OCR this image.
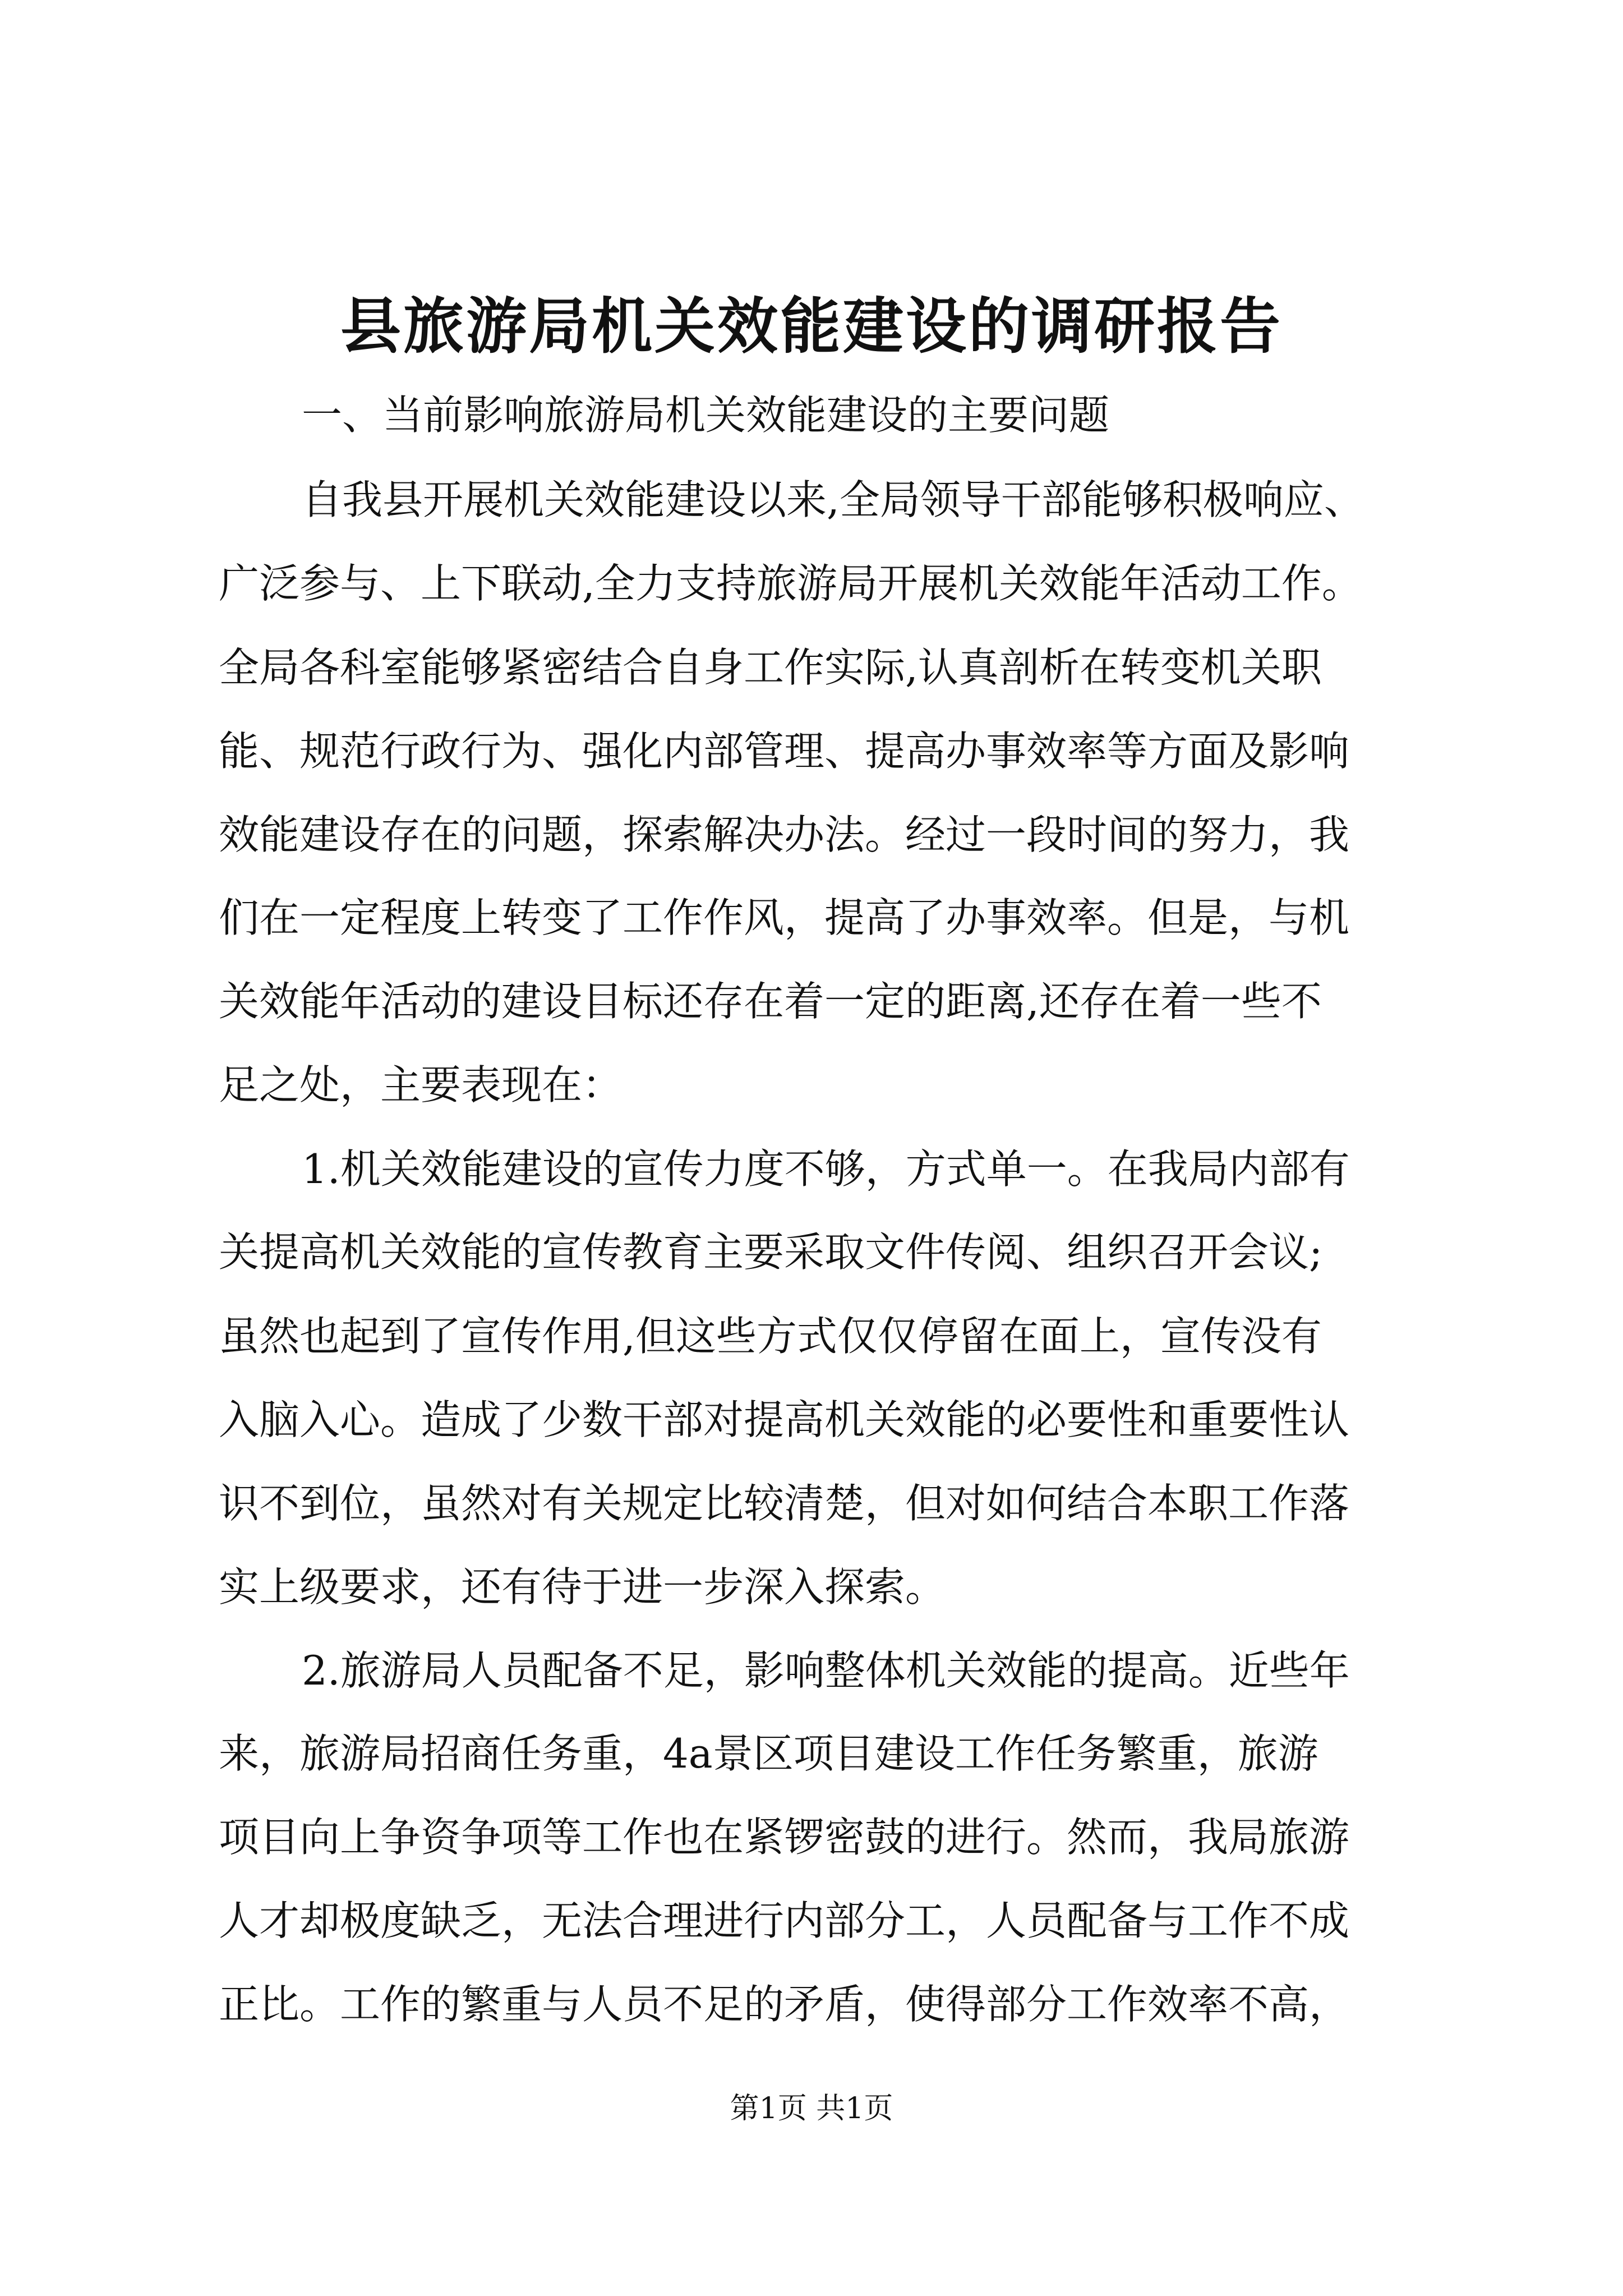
县旅游局机关效能建设的调研报告
一、当前影响旅游局机关效能建设的主要问题
自我县开展机关效能建设以来,全局领导干部能够积极响应、
广泛参与、上下联动,全力支持旅游局开展机关效能年活动工作。
全局各科室能够紧密结合自身工作实际,认真剖析在转变机关职
能、规范行政行为、强化内部管理、提高办事效率等方面及影响
效能建设存在的问题，探索解决办法。经过一段时间的努力，我
们在一定程度上转变了工作作风，提高了办事效率。但是，与机
关效能年活动的建设目标还存在着一定的距离,还存在着一些不
足之处，主要表现在：
1.机关效能建设的宣传力度不够，方式单一。在我局内部有
关提高机关效能的宣传教育主要采取文件传阅、组织召开会议;
虽然也起到了宣传作用,但这些方式仅仅停留在面上，宣传没有
入脑入心。造成了少数干部对提高机关效能的必要性和重要性认
识不到位，虽然对有关规定比较清楚，但对如何结合本职工作落
实上级要求，还有待于进一步深入探索。
2.旅游局人员配备不足，影响整体机关效能的提高。近些年
来，旅游局招商任务重，4a景区项目建设工作任务繁重，旅游
项目向上争资争项等工作也在紧锣密鼓的进行。然而，我局旅游
人才却极度缺乏，无法合理进行内部分工，人员配备与工作不成
正比。工作的繁重与人员不足的矛盾，使得部分工作效率不高，
第1页 共1页
